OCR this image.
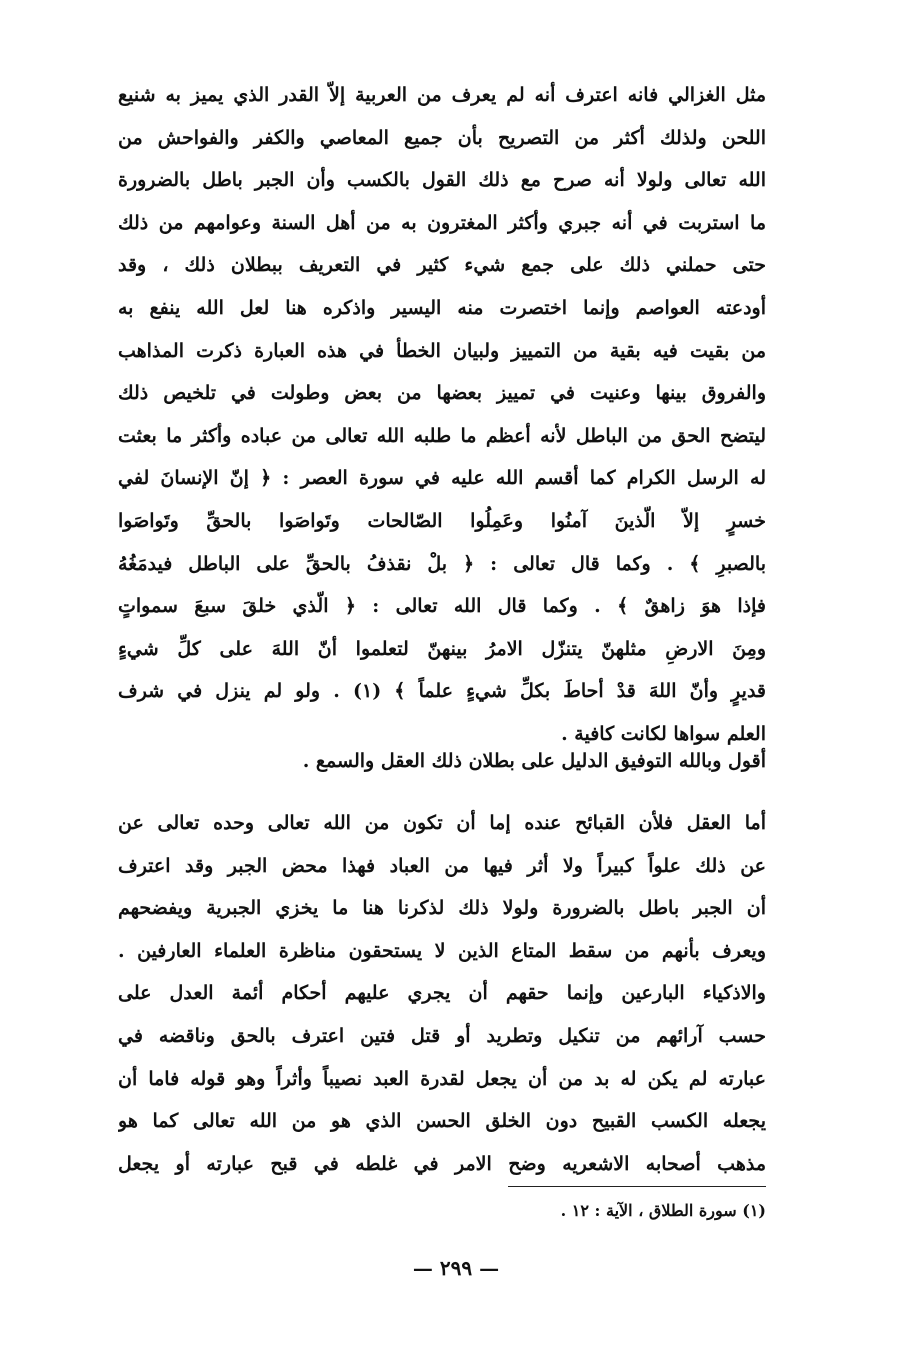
مثل الغزالي فانه اعترف أنه لم يعرف من العربية إلاّ القدر الذي يميز به شنيع
اللحن ولذلك أكثر من التصريح بأن جميع المعاصي والكفر والفواحش من
الله تعالى ولولا أنه صرح مع ذلك القول بالكسب وأن الجبر باطل بالضرورة
ما استربت في أنه جبري وأكثر المغترون به من أهل السنة وعوامهم من ذلك
حتى حملني ذلك على جمع شيء كثير في التعريف ببطلان ذلك ، وقد
أودعته العواصم وإنما اختصرت منه اليسير واذكره هنا لعل الله ينفع به
من بقيت فيه بقية من التمييز ولبيان الخطأ في هذه العبارة ذكرت المذاهب
والفروق بينها وعنيت في تمييز بعضها من بعض وطولت في تلخيص ذلك
ليتضح الحق من الباطل لأنه أعظم ما طلبه الله تعالى من عباده وأكثر ما بعثت
له الرسل الكرام كما أقسم الله عليه في سورة العصر : ﴿ إنّ الإنسانَ لفي
خسرٍ إلاّ الّذينَ آمنُوا وعَمِلُوا الصّالحات وتَواصَوا بالحقِّ وتَواصَوا
بالصبرِ ﴾ . وكما قال تعالى : ﴿ بلْ نقذفُ بالحقِّ على الباطل فيدمَغُهُ
فإذا هوَ زاهقٌ ﴾ . وكما قال الله تعالى : ﴿ الّذي خلقَ سبعَ سمواتٍ
ومِنَ الارضِ مثلهنّ يتنزّل الامرُ بينهنّ لتعلموا أنّ اللهَ على كلِّ شيءٍ
قديرٍ وأنّ اللهَ قدْ أحاطَ بكلِّ شيءٍ علماً ﴾ (١) . ولو لم ينزل في شرف
العلم سواها لكانت كافية .
أقول وبالله التوفيق الدليل على بطلان ذلك العقل والسمع .
أما العقل فلأن القبائح عنده إما أن تكون من الله تعالى وحده تعالى عن
عن ذلك علواً كبيراً ولا أثر فيها من العباد فهذا محض الجبر وقد اعترف
أن الجبر باطل بالضرورة ولولا ذلك لذكرنا هنا ما يخزي الجبرية ويفضحهم
ويعرف بأنهم من سقط المتاع الذين لا يستحقون مناظرة العلماء العارفين .
والاذكياء البارعين وإنما حقهم أن يجري عليهم أحكام أئمة العدل على
حسب آرائهم من تنكيل وتطريد أو قتل فتين اعترف بالحق وناقضه في
عبارته لم يكن له بد من أن يجعل لقدرة العبد نصيباً وأثراً وهو قوله فاما أن
يجعله الكسب القبيح دون الخلق الحسن الذي هو من الله تعالى كما هو
مذهب أصحابه الاشعريه وضح الامر في غلطه في قبح عبارته أو يجعل
(١) سورة الطلاق ، الآية : ١٢ .
— ٢٩٩ —
